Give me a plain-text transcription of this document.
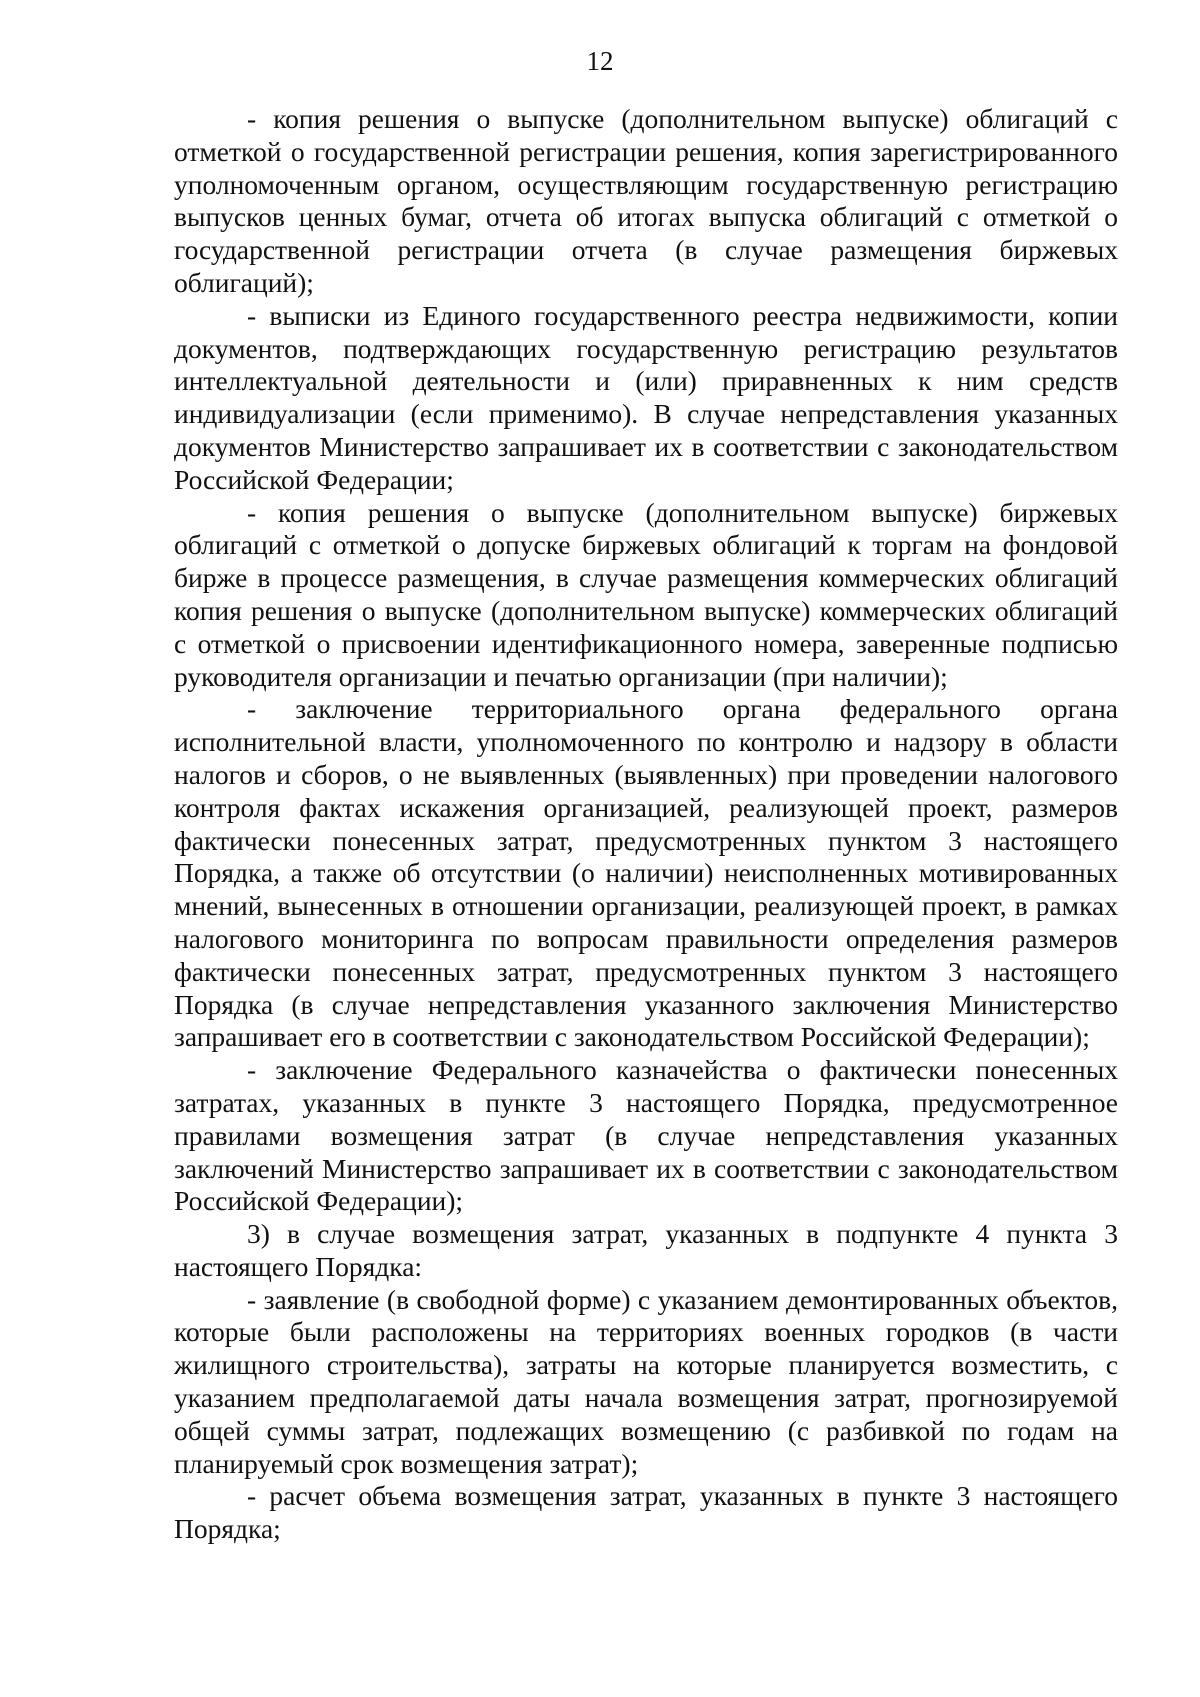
12

- копия решения о выпуске (дополнительном выпуске) облигаций с отметкой о государственной регистрации решения, копия зарегистрированного уполномоченным органом, осуществляющим государственную регистрацию выпусков ценных бумаг, отчета об итогах выпуска облигаций с отметкой о государственной регистрации отчета (в случае размещения биржевых облигаций);

- выписки из Единого государственного реестра недвижимости, копии документов, подтверждающих государственную регистрацию результатов интеллектуальной деятельности и (или) приравненных к ним средств индивидуализации (если применимо). В случае непредставления указанных документов Министерство запрашивает их в соответствии с законодательством Российской Федерации;

- копия решения о выпуске (дополнительном выпуске) биржевых облигаций с отметкой о допуске биржевых облигаций к торгам на фондовой бирже в процессе размещения, в случае размещения коммерческих облигаций копия решения о выпуске (дополнительном выпуске) коммерческих облигаций с отметкой о присвоении идентификационного номера, заверенные подписью руководителя организации и печатью организации (при наличии);

- заключение территориального органа федерального органа исполнительной власти, уполномоченного по контролю и надзору в области налогов и сборов, о не выявленных (выявленных) при проведении налогового контроля фактах искажения организацией, реализующей проект, размеров фактически понесенных затрат, предусмотренных пунктом 3 настоящего Порядка, а также об отсутствии (о наличии) неисполненных мотивированных мнений, вынесенных в отношении организации, реализующей проект, в рамках налогового мониторинга по вопросам правильности определения размеров фактически понесенных затрат, предусмотренных пунктом 3 настоящего Порядка (в случае непредставления указанного заключения Министерство запрашивает его в соответствии с законодательством Российской Федерации);

- заключение Федерального казначейства о фактически понесенных затратах, указанных в пункте 3 настоящего Порядка, предусмотренное правилами возмещения затрат (в случае непредставления указанных заключений Министерство запрашивает их в соответствии с законодательством Российской Федерации);

3) в случае возмещения затрат, указанных в подпункте 4 пункта 3 настоящего Порядка:

- заявление (в свободной форме) с указанием демонтированных объектов, которые были расположены на территориях военных городков (в части жилищного строительства), затраты на которые планируется возместить, с указанием предполагаемой даты начала возмещения затрат, прогнозируемой общей суммы затрат, подлежащих возмещению (с разбивкой по годам на планируемый срок возмещения затрат);

- расчет объема возмещения затрат, указанных в пункте 3 настоящего Порядка;
